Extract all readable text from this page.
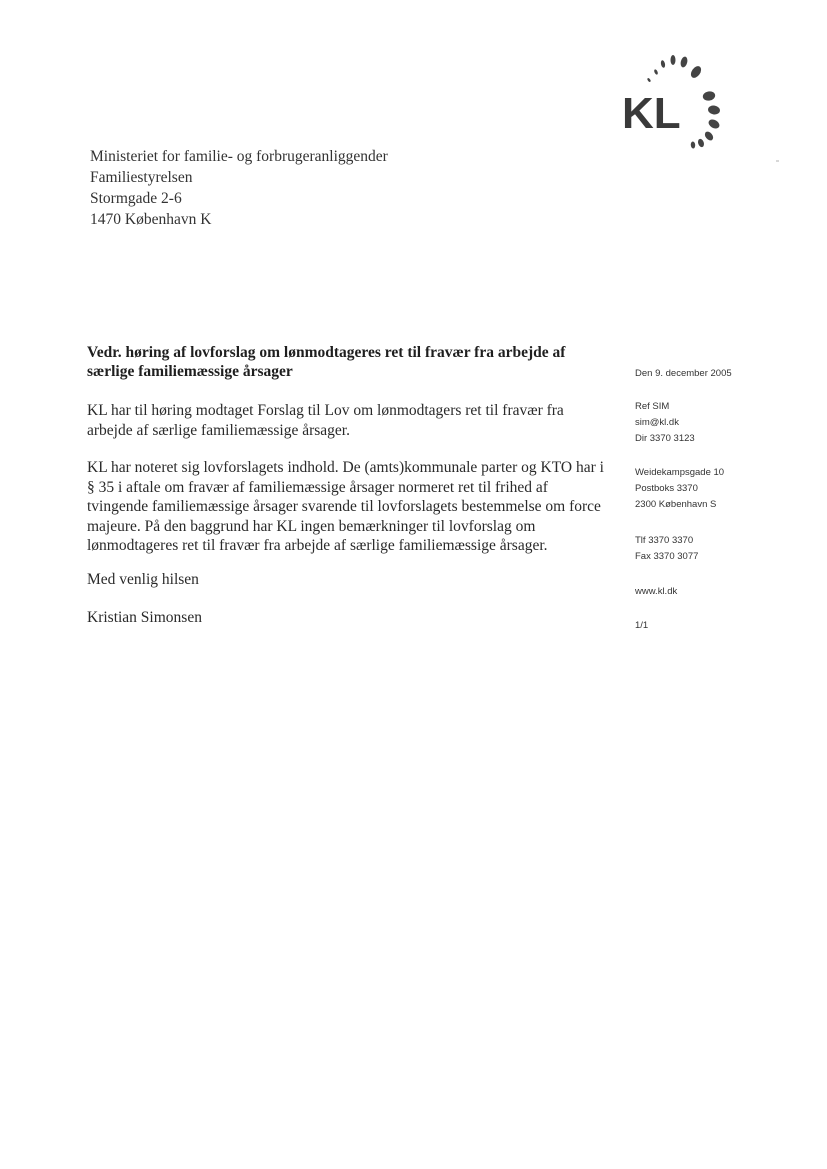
KL
Ministeriet for familie- og forbrugeranliggender
Familiestyrelsen
Stormgade 2-6
1470 København K
Vedr. høring af lovforslag om lønmodtageres ret til fravær fra arbejde af særlige familiemæssige årsager
KL har til høring modtaget Forslag til Lov om lønmodtagers ret til fravær fra arbejde af særlige familiemæssige årsager.
KL har noteret sig lovforslagets indhold. De (amts)kommunale parter og KTO har i § 35 i aftale om fravær af familiemæssige årsager normeret ret til frihed af tvingende familiemæssige årsager svarende til lovforslagets bestemmelse om force majeure. På den baggrund har KL ingen bemærkninger til lovforslag om lønmodtageres ret til fravær fra arbejde af særlige familiemæssige årsager.
Med venlig hilsen
Kristian Simonsen
Den 9. december 2005
Ref SIM
sim@kl.dk
Dir 3370 3123
Weidekampsgade 10
Postboks 3370
2300 København S
Tlf 3370 3370
Fax 3370 3077
www.kl.dk
1/1
